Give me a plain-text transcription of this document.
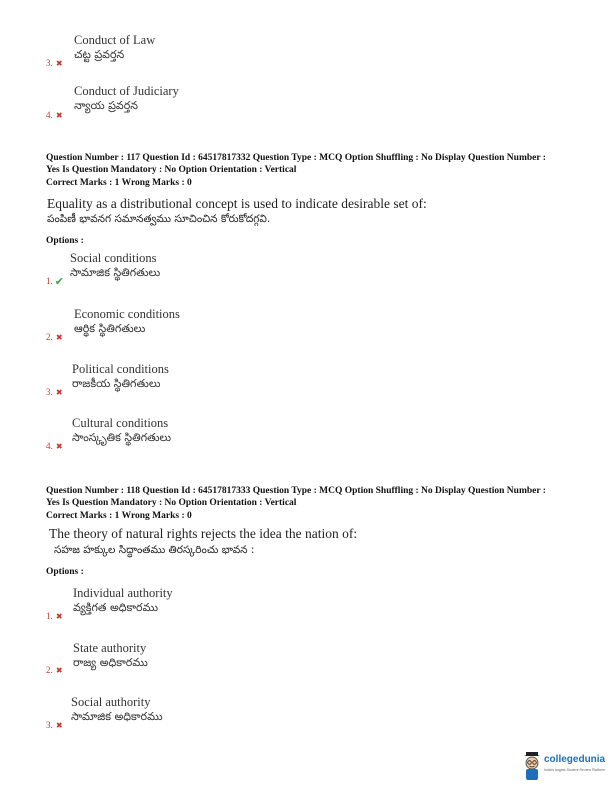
Conduct of Law
చట్ట ప్రవర్తన
3. ✖
Conduct of Judiciary
న్యాయ ప్రవర్తన
4. ✖
Question Number : 117 Question Id : 64517817332 Question Type : MCQ Option Shuffling : No Display Question Number :
Yes Is Question Mandatory : No Option Orientation : Vertical
Correct Marks : 1 Wrong Marks : 0
Equality as a distributional concept is used to indicate desirable set of:
పంపిణీ భావనగ సమానత్వము సూచించిన కోరుకోదగ్గవి.
Options :
Social conditions
సామాజిక స్థితిగతులు
1. ✔
Economic conditions
ఆర్థిక స్థితిగతులు
2. ✖
Political conditions
రాజకీయ స్థితిగతులు
3. ✖
Cultural conditions
సాంస్కృతిక స్థితిగతులు
4. ✖
Question Number : 118 Question Id : 64517817333 Question Type : MCQ Option Shuffling : No Display Question Number :
Yes Is Question Mandatory : No Option Orientation : Vertical
Correct Marks : 1 Wrong Marks : 0
The theory of natural rights rejects the idea the nation of:
సహజ హక్కుల సిద్ధాంతము తిరస్కరించు భావన :
Options :
Individual authority
వ్యక్తిగత అధికారము
1. ✖
State authority
రాజ్య అధికారము
2. ✖
Social authority
సామాజిక అధికారము
3. ✖
collegedunia
India's largest Student Review Platform
